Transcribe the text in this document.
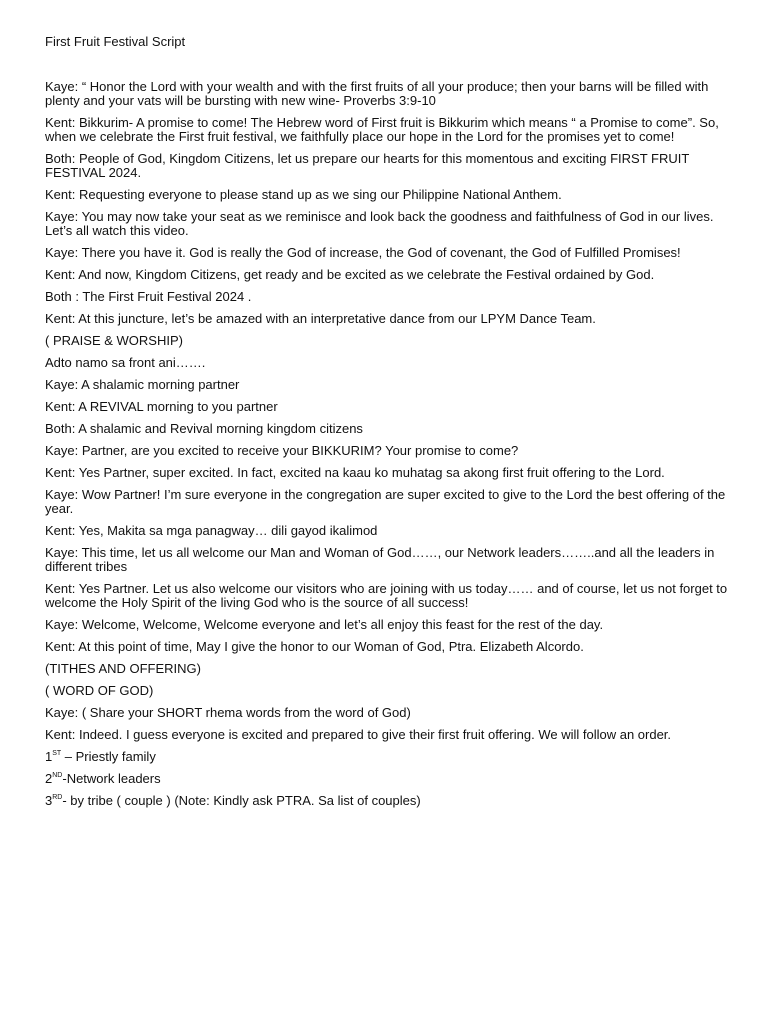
First Fruit Festival Script
Kaye: “ Honor the Lord with your wealth and with the first fruits of all your produce; then your barns will be filled with plenty and your vats will be bursting with new wine- Proverbs 3:9-10
Kent: Bikkurim- A promise to come! The Hebrew word of First fruit is Bikkurim which means “ a Promise to come”. So, when we celebrate the First fruit festival, we faithfully place our hope in the Lord for the promises yet to come!
Both: People of God, Kingdom Citizens, let us prepare our hearts for this momentous and exciting FIRST FRUIT FESTIVAL 2024.
Kent: Requesting everyone to please stand up as we sing our Philippine National Anthem.
Kaye: You may now take your seat as we reminisce and look back the goodness and faithfulness of God in our lives. Let’s all watch this video.
Kaye: There you have it. God is really the God of increase, the God of covenant, the God of Fulfilled Promises!
Kent: And now, Kingdom Citizens, get ready and be excited as we celebrate the Festival ordained by God.
Both : The First Fruit Festival 2024 .
Kent: At this juncture, let’s be amazed with an interpretative dance from our LPYM Dance Team.
( PRAISE & WORSHIP)
Adto namo sa front ani…….
Kaye: A shalamic morning partner
Kent: A REVIVAL morning to you partner
Both: A shalamic and Revival morning kingdom citizens
Kaye: Partner, are you excited to receive your BIKKURIM? Your promise to come?
Kent: Yes Partner, super excited. In fact, excited na kaau ko muhatag sa akong first fruit offering to the Lord.
Kaye: Wow Partner! I’m sure everyone in the congregation are super excited to give to the Lord the best offering of the year.
Kent: Yes, Makita sa mga panagway… dili gayod ikalimod
Kaye: This time, let us all welcome our Man and Woman of God……, our Network leaders……..and all the leaders in different tribes
Kent: Yes Partner. Let us also welcome our visitors who are joining with us today…… and of course, let us not forget to welcome the Holy Spirit of the living God who is the source of all success!
Kaye: Welcome, Welcome, Welcome everyone and let’s all enjoy this feast for the rest of the day.
Kent: At this point of time, May I give the honor to our Woman of God, Ptra. Elizabeth Alcordo.
(TITHES AND OFFERING)
( WORD OF GOD)
Kaye: ( Share your SHORT rhema words from the word of God)
Kent: Indeed. I guess everyone is excited and prepared to give their first fruit offering. We will follow an order.
1ST – Priestly family
2ND-Network leaders
3RD- by tribe ( couple ) (Note: Kindly ask PTRA. Sa list of couples)
